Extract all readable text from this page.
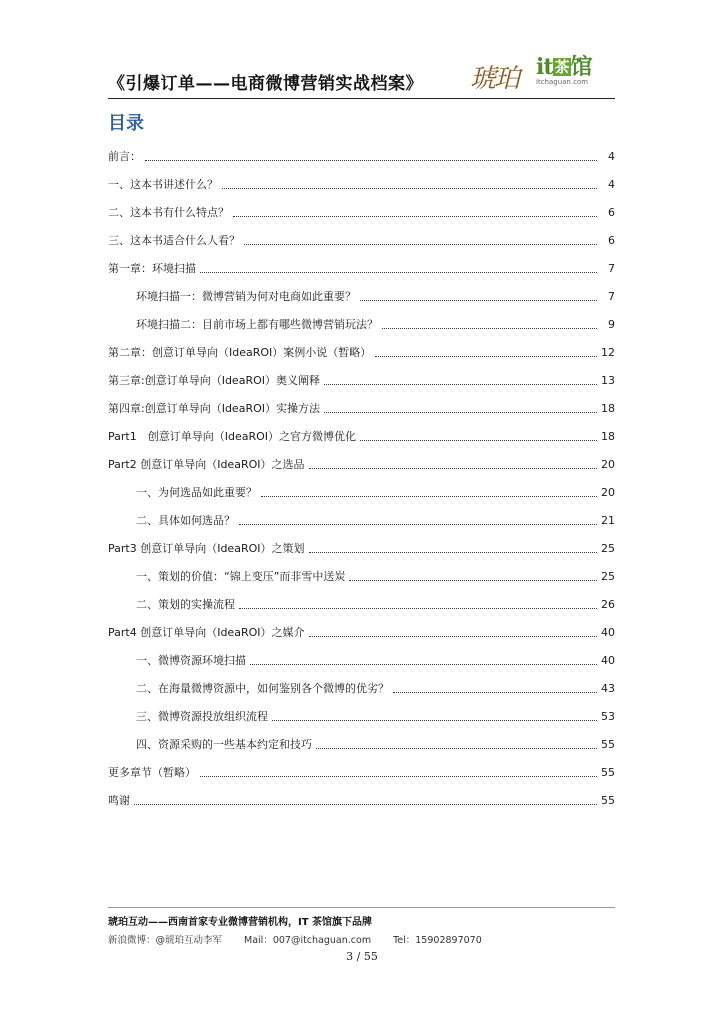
《引爆订单——电商微博营销实战档案》 琥珀 it 茶馆
itchaguan.com
目录
前言：	4
一、这本书讲述什么？	4
二、这本书有什么特点？	6
三、这本书适合什么人看？	6
第一章：环境扫描	7
环境扫描一：微博营销为何对电商如此重要？	7
环境扫描二：目前市场上都有哪些微博营销玩法？	9
第二章：创意订单导向（IdeaROI）案例小说（暂略）	12
第三章:创意订单导向（IdeaROI）奥义阐释	13
第四章:创意订单导向（IdeaROI）实操方法	18
Part1　创意订单导向（IdeaROI）之官方微博优化	18
Part2 创意订单导向（IdeaROI）之选品	20
一、为何选品如此重要？	20
二、具体如何选品？	21
Part3 创意订单导向（IdeaROI）之策划	25
一、策划的价值：“锦上变压”而非雪中送炭	25
二、策划的实操流程	26
Part4 创意订单导向（IdeaROI）之媒介	40
一、微博资源环境扫描	40
二、在海量微博资源中，如何鉴别各个微博的优劣？	43
三、微博资源投放组织流程	53
四、资源采购的一些基本约定和技巧	55
更多章节（暂略）	55
鸣谢	55
琥珀互动——西南首家专业微博营销机构，IT 茶馆旗下品牌
新浪微博：@琥珀互动李军 Mail：007@itchaguan.com Tel：15902897070
3 / 55
